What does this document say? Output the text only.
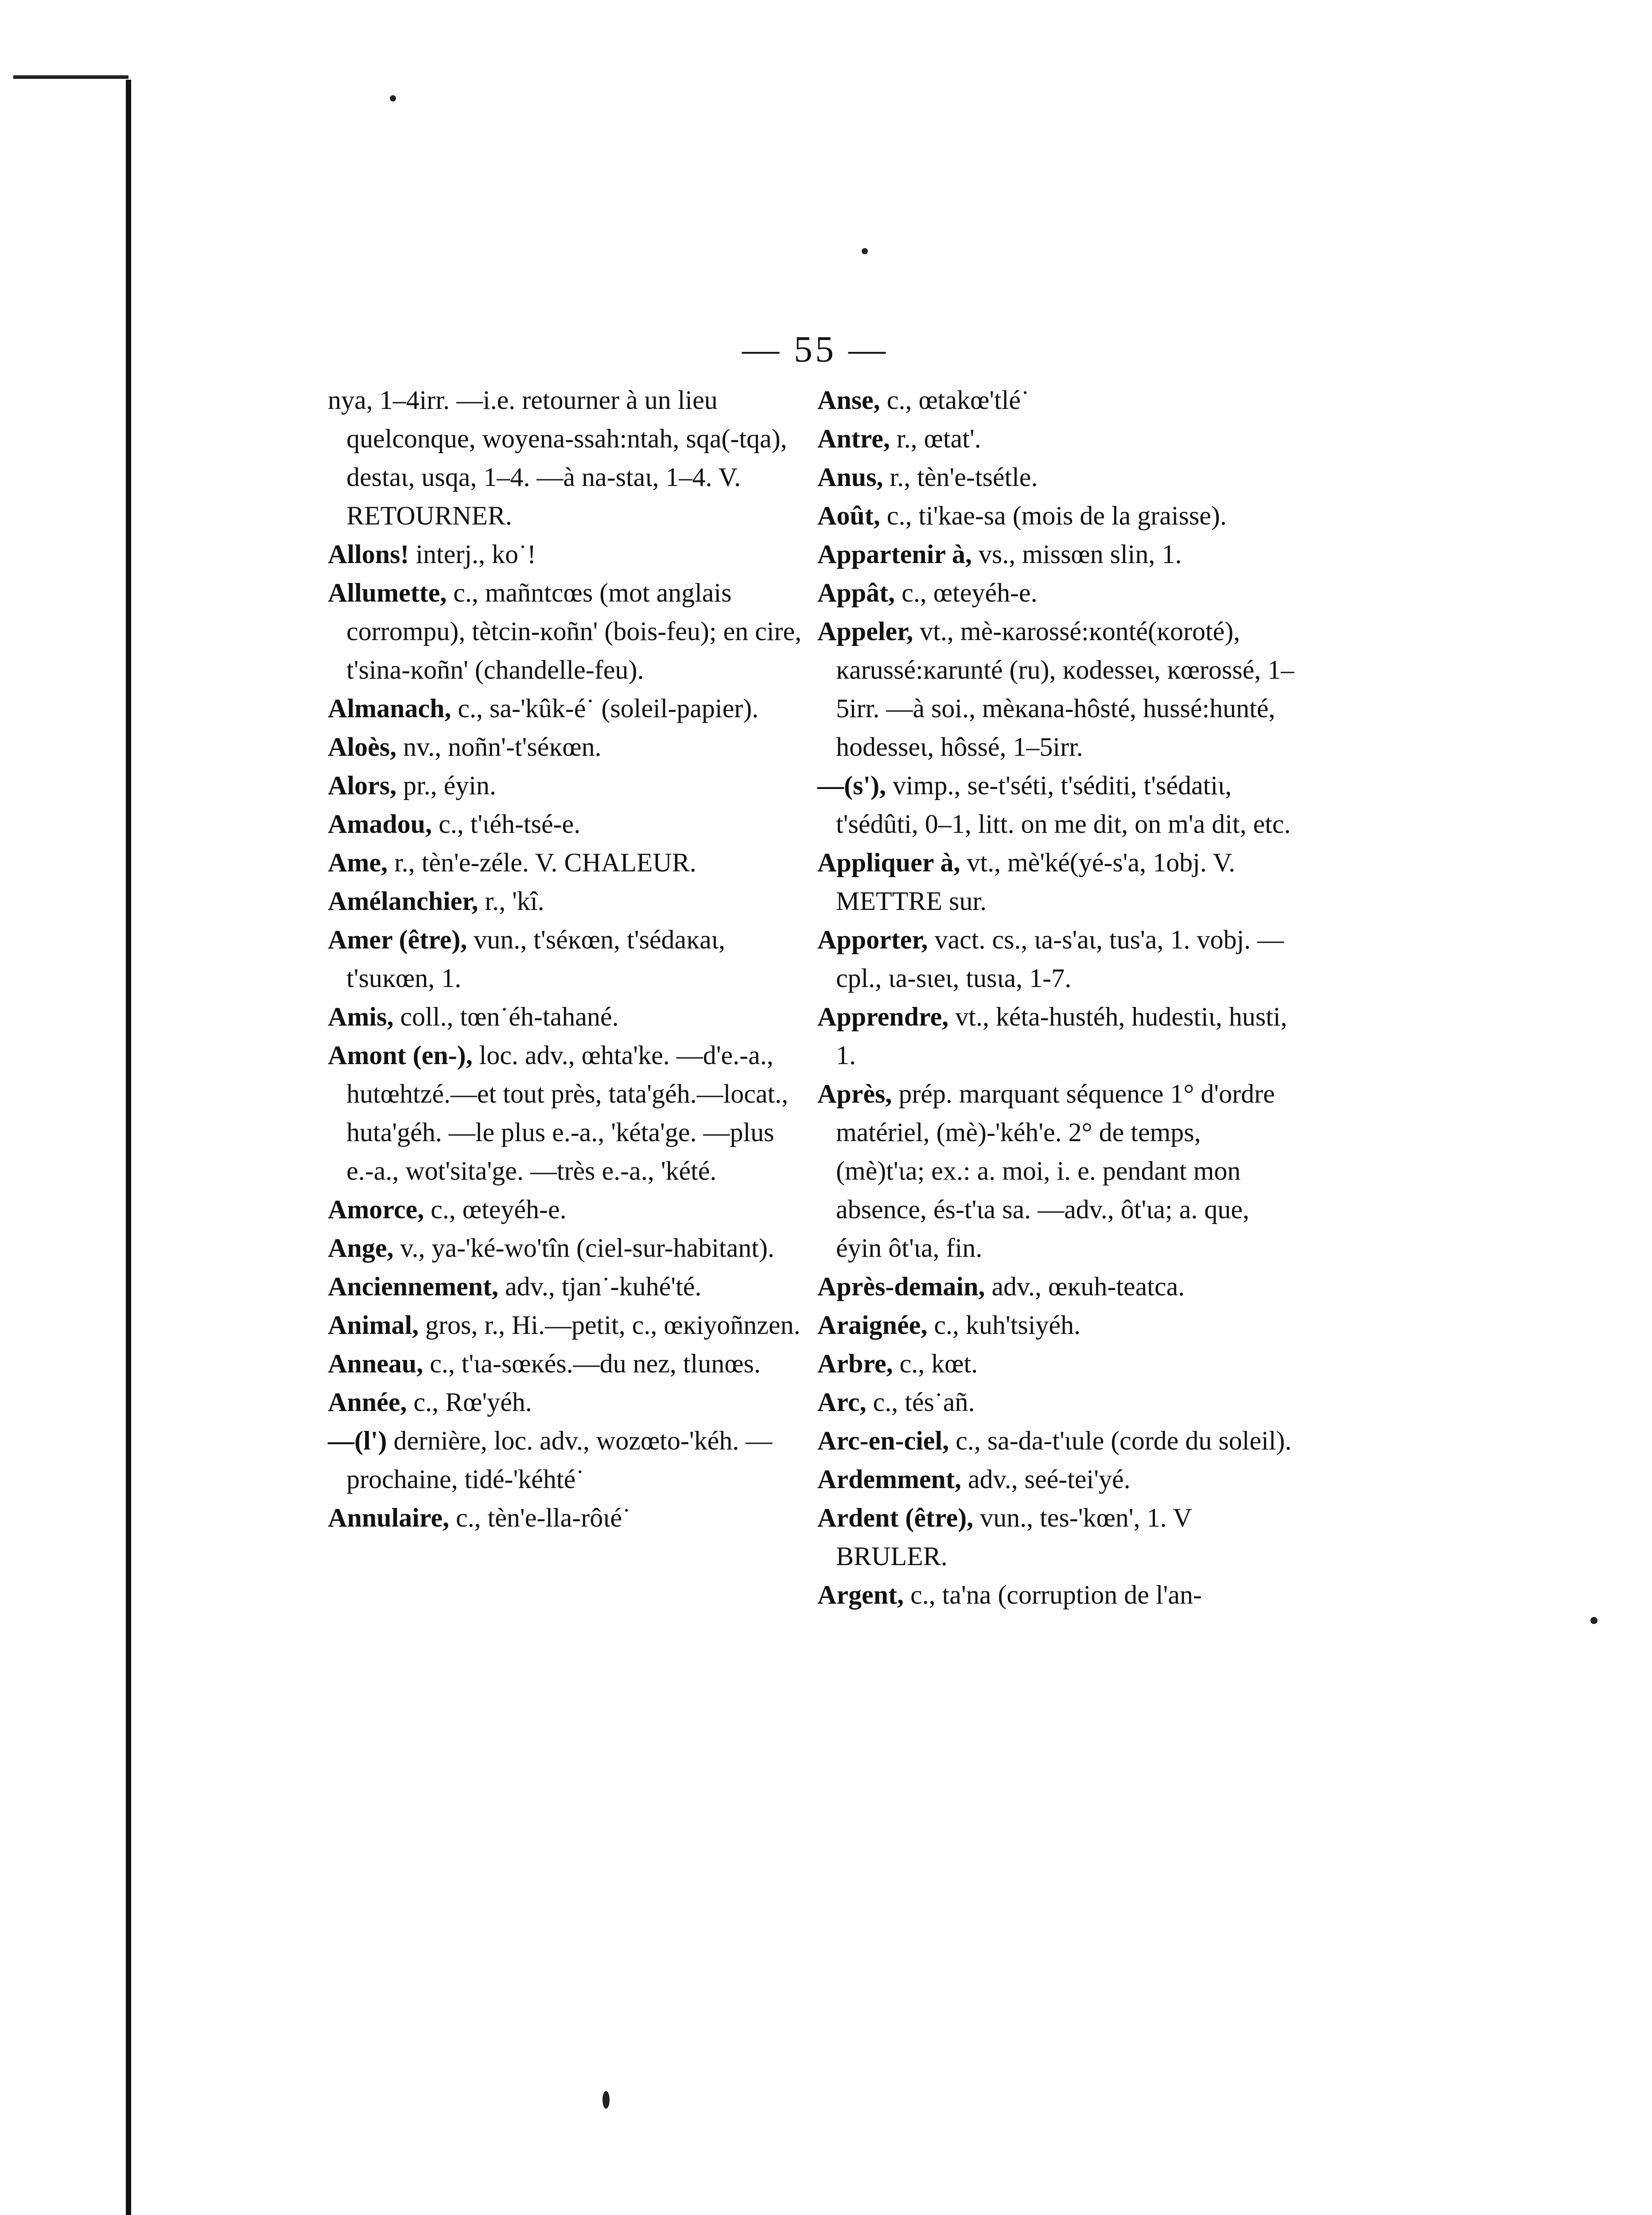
— 55 —

nya, 1–4irr. —i.e. retourner à un lieu quelconque, woyena-ssah:ntah, sqa(-tqa), destaɩ, usqa, 1–4. —à na-staɩ, 1–4. V. RETOURNER.

Allons! interj., ko˙!

Allumette, c., mañntcœs (mot anglais corrompu), tètcin-ĸoñn' (bois-feu); en cire, t'sina-ĸoñn' (chandelle-feu).

Almanach, c., sa-'kûk-é˙ (soleil-papier).

Aloès, nv., noñn'-t'séĸœn.

Alors, pr., éyin.

Amadou, c., t'ɩéh-tsé-e.

Ame, r., tèn'e-zéle. V. CHALEUR.

Amélanchier, r., 'kî.

Amer (être), vun., t'séĸœn, t'sédaĸaɩ, t'suĸœn, 1.

Amis, coll., tœn˙éh-tahané.

Amont (en-), loc. adv., œhta'ke. —d'e.-a., hutœhtzé.—et tout près, tata'géh.—locat., huta'géh. —le plus e.-a., 'kéta'ge. —plus e.-a., wot'sita'ge. —très e.-a., 'kété.

Amorce, c., œteyéh-e.

Ange, v., ya-'ké-wo'tîn (ciel-sur-habitant).

Anciennement, adv., tjan˙-kuhé'té.

Animal, gros, r., Hi.—petit, c., œĸiyoñnzen.

Anneau, c., t'ɩa-sœĸés.—du nez, tlunœs.

Année, c., Rœ'yéh.

—(l') dernière, loc. adv., wozœto-'kéh. —prochaine, tidé-'kéhté˙

Annulaire, c., tèn'e-lla-rôɩé˙

Anse, c., œtakœ'tlé˙

Antre, r., œtat'.

Anus, r., tèn'e-tsétle.

Août, c., ti'kae-sa (mois de la graisse).

Appartenir à, vs., missœn slin, 1.

Appât, c., œteyéh-e.

Appeler, vt., mè-ĸarossé:ĸonté(ĸoroté), ĸarussé:ĸarunté (ru), ĸodesseɩ, ĸœrossé, 1–5irr. —à soi., mèĸana-hôsté, hussé:hunté, hodesseɩ, hôssé, 1–5irr.

—(s'), vimp., se-t'séti, t'séditi, t'sédatiɩ, t'sédûti, 0–1, litt. on me dit, on m'a dit, etc.

Appliquer à, vt., mè'ké(yé-s'a, 1obj. V. METTRE sur.

Apporter, vact. cs., ɩa-s'aɩ, tus'a, 1. vobj. —cpl., ɩa-sɩeɩ, tusɩa, 1-7.

Apprendre, vt., kéta-hustéh, hudestiɩ, husti, 1.

Après, prép. marquant séquence 1° d'ordre matériel, (mè)-'kéh'e. 2° de temps, (mè)t'ɩa; ex.: a. moi, i. e. pendant mon absence, és-t'ɩa sa. —adv., ôt'ɩa; a. que, éyin ôt'ɩa, fin.

Après-demain, adv., œĸuh-teatca.

Araignée, c., kuh'tsiyéh.

Arbre, c., kœt.

Arc, c., tés˙añ.

Arc-en-ciel, c., sa-da-t'ɩule (corde du soleil).

Ardemment, adv., seé-tei'yé.

Ardent (être), vun., tes-'kœn', 1. V BRULER.

Argent, c., ta'na (corruption de l'an-
